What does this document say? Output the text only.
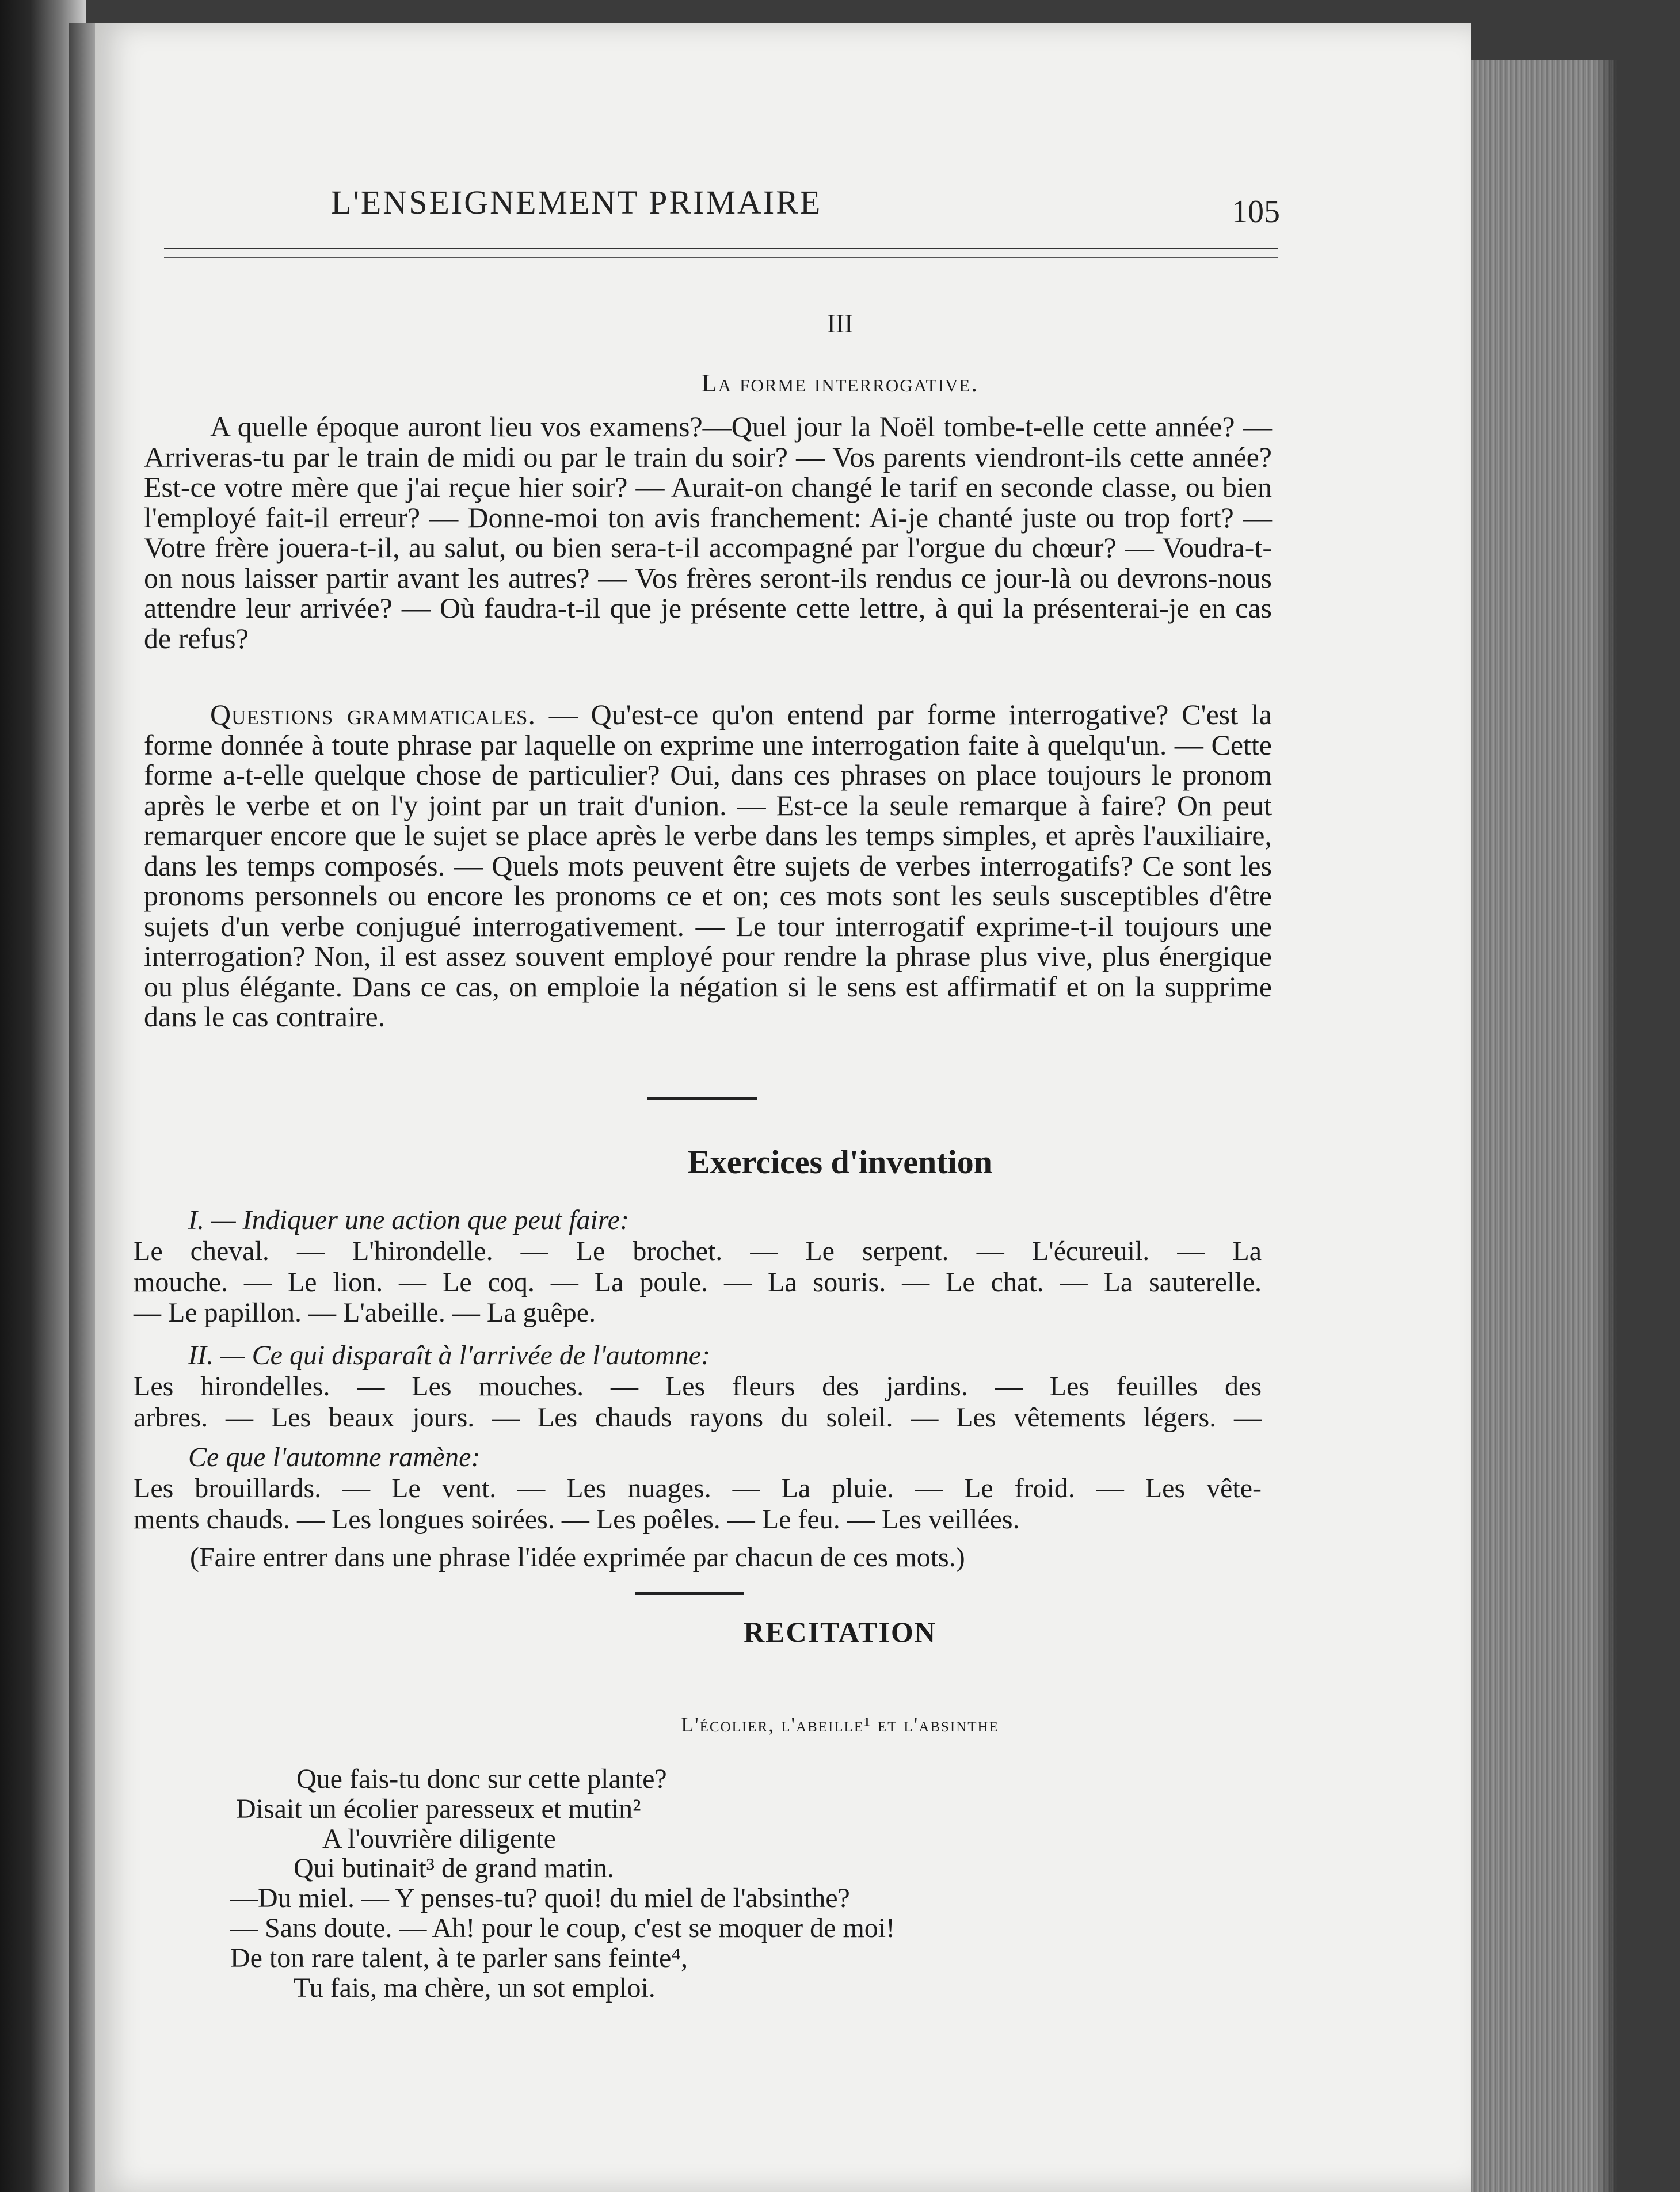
L'ENSEIGNEMENT PRIMAIRE	105
III
La forme interrogative.
A quelle époque auront lieu vos examens?—Quel jour la Noël tombe-t-elle cette année? — Arriveras-tu par le train de midi ou par le train du soir? — Vos parents viendront-ils cette année? Est-ce votre mère que j'ai reçue hier soir? — Aurait-on changé le tarif en seconde classe, ou bien l'employé fait-il erreur? — Donne-moi ton avis franchement: Ai-je chanté juste ou trop fort? — Votre frère jouera-t-il, au salut, ou bien sera-t-il accompagné par l'orgue du chœur? — Voudra-t-on nous laisser partir avant les autres? — Vos frères seront-ils rendus ce jour-là ou devrons-nous attendre leur arrivée? — Où faudra-t-il que je présente cette lettre, à qui la présenterai-je en cas de refus?
Questions grammaticales. — Qu'est-ce qu'on entend par forme interrogative? C'est la forme donnée à toute phrase par laquelle on exprime une interrogation faite à quelqu'un. — Cette forme a-t-elle quelque chose de particulier? Oui, dans ces phrases on place toujours le pronom après le verbe et on l'y joint par un trait d'union. — Est-ce la seule remarque à faire? On peut remarquer encore que le sujet se place après le verbe dans les temps simples, et après l'auxiliaire, dans les temps composés. — Quels mots peuvent être sujets de verbes interrogatifs? Ce sont les pronoms personnels ou encore les pronoms ce et on; ces mots sont les seuls susceptibles d'être sujets d'un verbe conjugué interrogativement. — Le tour interrogatif exprime-t-il toujours une interrogation? Non, il est assez souvent employé pour rendre la phrase plus vive, plus énergique ou plus élégante. Dans ce cas, on emploie la négation si le sens est affirmatif et on la supprime dans le cas contraire.
Exercices d'invention
I. — Indiquer une action que peut faire:
Le cheval. — L'hirondelle. — Le brochet. — Le serpent. — L'écureuil. — La
mouche. — Le lion. — Le coq. — La poule. — La souris. — Le chat. — La sauterelle.
— Le papillon. — L'abeille. — La guêpe.
II. — Ce qui disparaît à l'arrivée de l'automne:
Les hirondelles. — Les mouches. — Les fleurs des jardins. — Les feuilles des
arbres. — Les beaux jours. — Les chauds rayons du soleil. — Les vêtements légers. —
Ce que l'automne ramène:
Les brouillards. — Le vent. — Les nuages. — La pluie. — Le froid. — Les vête-
ments chauds. — Les longues soirées. — Les poêles. — Le feu. — Les veillées.
(Faire entrer dans une phrase l'idée exprimée par chacun de ces mots.)
RECITATION
L'écolier, l'abeille¹ et l'absinthe
Que fais-tu donc sur cette plante?
Disait un écolier paresseux et mutin²
A l'ouvrière diligente
Qui butinait³ de grand matin.
—Du miel. — Y penses-tu? quoi! du miel de l'absinthe?
— Sans doute. — Ah! pour le coup, c'est se moquer de moi!
De ton rare talent, à te parler sans feinte⁴,
Tu fais, ma chère, un sot emploi.
